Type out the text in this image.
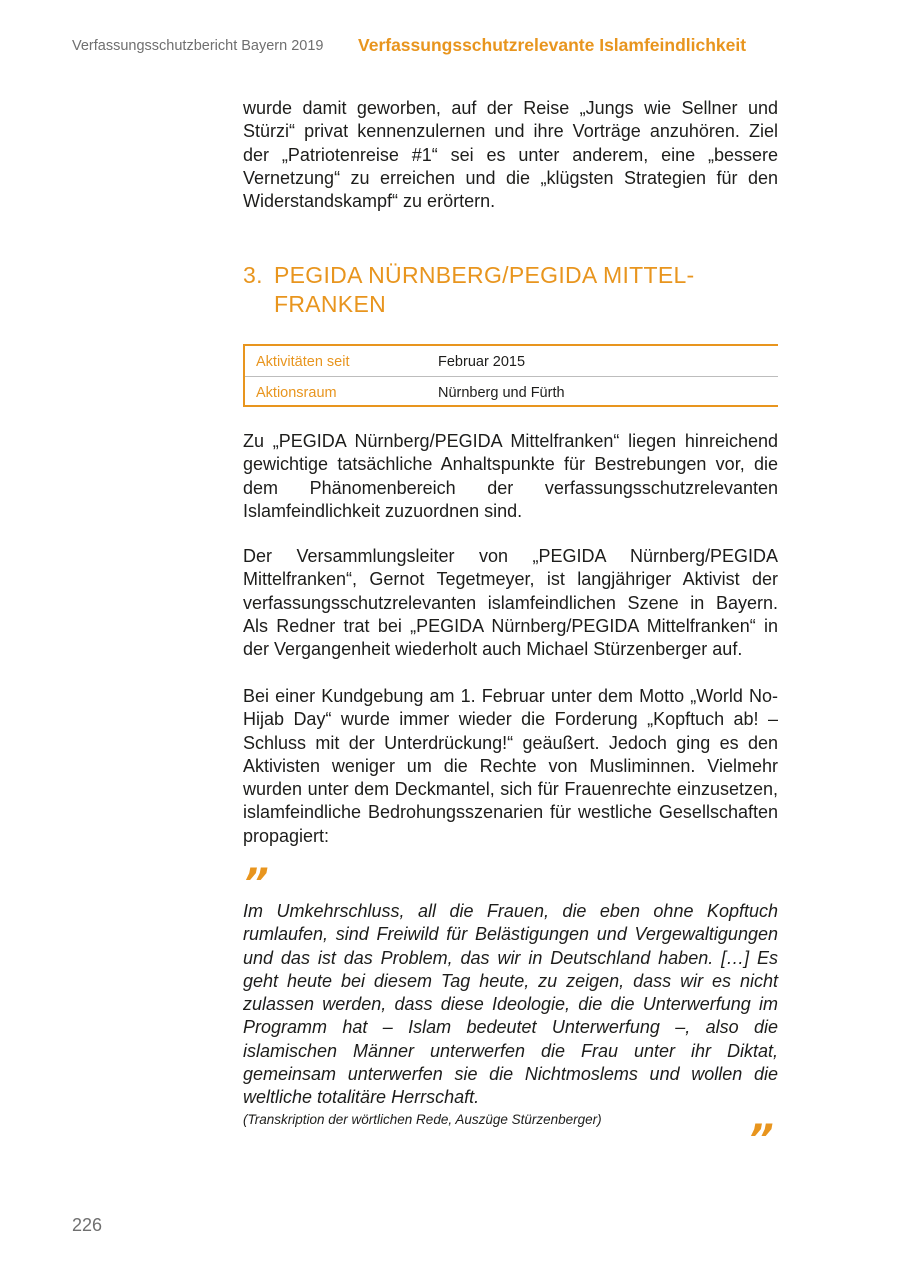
Verfassungsschutzbericht Bayern 2019 Verfassungsschutzrelevante Islamfeindlichkeit

wurde damit geworben, auf der Reise „Jungs wie Sellner und Stürzi“ privat kennenzulernen und ihre Vorträge anzuhören. Ziel der „Patriotenreise #1“ sei es unter anderem, eine „bessere Vernetzung“ zu erreichen und die „klügsten Strategien für den Widerstandskampf“ zu erörtern.

3. PEGIDA NÜRNBERG/PEGIDA MITTEL-FRANKEN
Aktivitäten seit	Februar 2015
Aktionsraum	Nürnberg und Fürth

Zu „PEGIDA Nürnberg/PEGIDA Mittelfranken“ liegen hinreichend gewichtige tatsächliche Anhaltspunkte für Bestrebungen vor, die dem Phänomenbereich der verfassungsschutzrelevanten Islamfeindlichkeit zuzuordnen sind.

Der Versammlungsleiter von „PEGIDA Nürnberg/PEGIDA Mittelfranken“, Gernot Tegetmeyer, ist langjähriger Aktivist der verfassungsschutzrelevanten islamfeindlichen Szene in Bayern. Als Redner trat bei „PEGIDA Nürnberg/PEGIDA Mittelfranken“ in der Vergangenheit wiederholt auch Michael Stürzenberger auf.

Bei einer Kundgebung am 1. Februar unter dem Motto „World No-Hijab Day“ wurde immer wieder die Forderung „Kopftuch ab! – Schluss mit der Unterdrückung!“ geäußert. Jedoch ging es den Aktivisten weniger um die Rechte von Musliminnen. Vielmehr wurden unter dem Deckmantel, sich für Frauenrechte einzusetzen, islamfeindliche Bedrohungsszenarien für westliche Gesellschaften propagiert:

”

Im Umkehrschluss, all die Frauen, die eben ohne Kopftuch rumlaufen, sind Freiwild für Belästigungen und Vergewaltigungen und das ist das Problem, das wir in Deutschland haben. […] Es geht heute bei diesem Tag heute, zu zeigen, dass wir es nicht zulassen werden, dass diese Ideologie, die die Unterwerfung im Programm hat – Islam bedeutet Unterwerfung –, also die islamischen Männer unterwerfen die Frau unter ihr Diktat, gemeinsam unterwerfen sie die Nichtmoslems und wollen die weltliche totalitäre Herrschaft.

(Transkription der wörtlichen Rede, Auszüge Stürzenberger)	”
226
